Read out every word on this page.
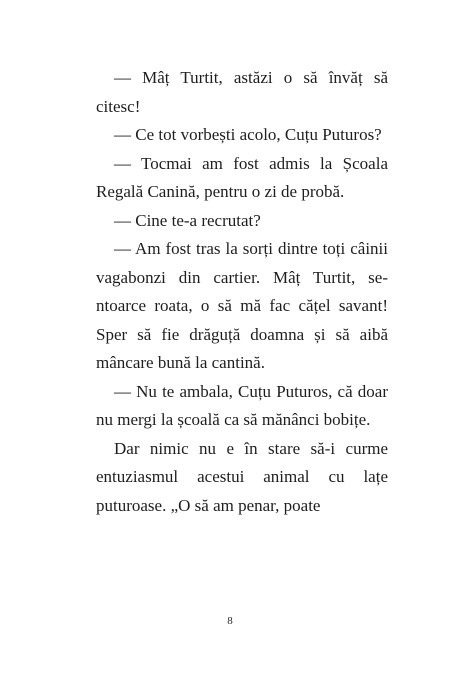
— Mâț Turtit, astăzi o să învăț să citesc!

— Ce tot vorbești acolo, Cuțu Puturos?

— Tocmai am fost admis la Școala Regală Canină, pentru o zi de probă.

— Cine te-a recrutat?

— Am fost tras la sorți dintre toți câinii vagabonzi din cartier. Mâț Turtit, se-ntoarce roata, o să mă fac cățel savant! Sper să fie drăguță doamna și să aibă mâncare bună la cantină.

— Nu te ambala, Cuțu Puturos, că doar nu mergi la școală ca să mănânci bobițe.

Dar nimic nu e în stare să-i curme entuziasmul acestui animal cu lațe puturoase. „O să am penar, poate

8
